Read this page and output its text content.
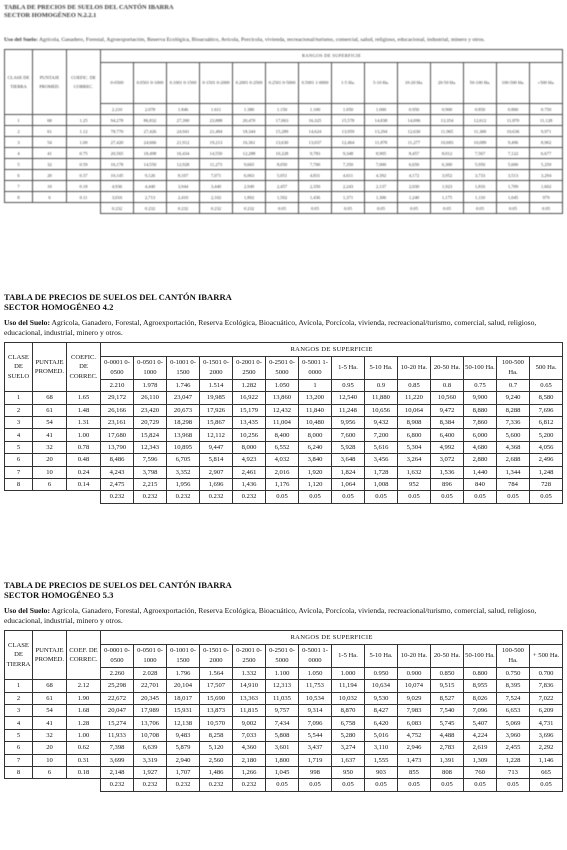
TABLA DE PRECIOS DE SUELOS DEL CANTÓN IBARRA
SECTOR HOMOGÉNEO N.2.2.1
Uso del Suelo: Agrícola, Ganadero, Forestal, Agroexportación, Reserva Ecológica, Bioacuático, Avícola, Porcícola, vivienda, recreacional/turismo, comercial, salud, religioso, educacional, industrial, minero y otros.
CLASE DE TIERRA	PUNTAJE PROMED.	COEFIC. DE CORREC.	RANGOS DE SUPERFICIE													
			0-0500	0.0501 0-1000	0.1001 0-1500	0-1501 0-2000	0.2001 0-2500	0.2501 0-5000	0.5001 1-0000	1-5 Ha.	5-10 Ha.	10-20 Ha.	20-50 Ha.	50-100 Ha.	100-500 Ha.	+500 Ha.
			2.210	2.078	1.846	1.611	1.380	1.150	1.100	1.050	1.000	0.950	0.900	0.850	0.800	0.750
1	68	1.25	94,278	86,832	27,390	23,888	20,470	17,063	16,325	15,578	14,838	14,096	13,354	12,612	11,870	11,128
2	61	1.12	78,770	27,426	24,941	21,484	18,344	15,289	14,624	13,959	13,294	12,630	11,965	11,300	10,636	9,971
3	54	1.00	27,420	24,666	21,912	19,213	16,361	13,630	13,037	12,464	11,878	11,277	10,683	10,089	9,496	8,902
4	41	0.75	20,565	18,498	16,434	14,550	12,288	10,228	9,783	9,348	8,905	8,457	8,012	7,567	7,122	6,677
5	32	0.59	16,178	14,550	12,928	11,273	9,665	8,050	7,700	7,350	7,000	6,650	6,300	5,950	5,600	5,250
6	20	0.37	10,145	9,126	8,107	7,071	6,063	5,051	4,831	4,611	4,392	4,172	3,952	3,733	3,513	3,294
7	10	0.18	4,936	4,440	3,944	3,440	2,949	2,457	2,350	2,243	2,137	2,030	1,923	1,816	1,709	1,602
8	6	0.11	3,016	2,713	2,410	2,102	1,802	1,502	1,436	1,371	1,306	1,240	1,175	1,110	1,045	979
			0.232	0.232	0.232	0.232	0.232	0.05	0.05	0.05	0.05	0.05	0.05	0.05	0.05	0.05
TABLA DE PRECIOS DE SUELOS DEL CANTÓN IBARRA
SECTOR HOMOGÉNEO 4.2
Uso del Suelo: Agrícola, Ganadero, Forestal, Agroexportación, Reserva Ecológica, Bioacuático, Avícola, Porcícola, vivienda, recreacional/turismo, comercial, salud, religioso, educacional, industrial, minero y otros.
CLASE DE SUELO	PUNTAJE PROMED.	COEFIC. DE CORREC.	RANGOS DE SUPERFICIE													
			0-0001 0-0500	0-0501 0-1000	0-1001 0-1500	0-1501 0-2000	0-2001 0-2500	0-2501 0-5000	0-5001 1-0000	1-5 Ha.	5-10 Ha.	10-20 Ha.	20-50 Ha.	50-100 Ha.	100-500 Ha.	500 Ha.
			2.210	1.978	1.746	1.514	1.282	1.050	1	0.95	0.9	0.85	0.8	0.75	0.7	0.65
1	68	1.65	29,172	26,110	23,047	19,985	16,922	13,860	13,200	12,540	11,880	11,220	10,560	9,900	9,240	8,580
2	61	1.48	26,166	23,420	20,673	17,926	15,179	12,432	11,840	11,248	10,656	10,064	9,472	8,880	8,288	7,696
3	54	1.31	23,161	20,729	18,298	15,867	13,435	11,004	10,480	9,956	9,432	8,908	8,384	7,860	7,336	6,812
4	41	1.00	17,680	15,824	13,968	12,112	10,256	8,400	8,000	7,600	7,200	6,800	6,400	6,000	5,600	5,200
5	32	0.78	13,790	12,343	10,895	9,447	8,000	6,552	6,240	5,928	5,616	5,304	4,992	4,680	4,368	4,056
6	20	0.48	8,486	7,596	6,705	5,814	4,923	4,032	3,840	3,648	3,456	3,264	3,072	2,880	2,688	2,496
7	10	0.24	4,243	3,798	3,352	2,907	2,461	2,016	1,920	1,824	1,728	1,632	1,536	1,440	1,344	1,248
8	6	0.14	2,475	2,215	1,956	1,696	1,436	1,176	1,120	1,064	1,008	952	896	840	784	728
			0.232	0.232	0.232	0.232	0.232	0.05	0.05	0.05	0.05	0.05	0.05	0.05	0.05	0.05
TABLA DE PRECIOS DE SUELOS DEL CANTÓN IBARRA
SECTOR HOMOGÉNEO 5.3
Uso del Suelo: Agrícola, Ganadero, Forestal, Agroexportación, Reserva Ecológica, Bioacuático, Avícola, Porcícola, vivienda, recreacional/turismo, comercial, salud, religioso, educacional, industrial, minero y otros.
CLASE DE TIERRA	PUNTAJE PROMED.	COEF. DE CORREC.	RANGOS DE SUPERFICIE													
			0-0001 0-0500	0-0501 0-1000	0-1001 0-1500	0-1501 0-2000	0-2001 0-2500	0-2501 0-5000	0-5001 1-0000	1-5 Ha.	5-10 Ha.	10-20 Ha.	20-50 Ha.	50-100 Ha.	100-500 Ha.	+ 500 Ha.
			2.260	2.028	1.796	1.564	1.332	1.100	1.050	1.000	0.950	0.900	0.850	0.800	0.750	0.700
1	68	2.12	25,298	22,701	20,104	17,507	14,910	12,313	11,753	11,194	10,634	10,074	9,515	8,955	8,395	7,836
2	61	1.90	22,672	20,345	18,017	15,690	13,363	11,035	10,534	10,032	9,530	9,029	8,527	8,026	7,524	7,022
3	54	1.68	20,047	17,989	15,931	13,873	11,815	9,757	9,314	8,870	8,427	7,983	7,540	7,096	6,653	6,209
4	41	1.28	15,274	13,706	12,138	10,570	9,002	7,434	7,096	6,758	6,420	6,083	5,745	5,407	5,069	4,731
5	32	1.00	11,933	10,708	9,483	8,258	7,033	5,808	5,544	5,280	5,016	4,752	4,488	4,224	3,960	3,696
6	20	0.62	7,398	6,639	5,879	5,120	4,360	3,601	3,437	3,274	3,110	2,946	2,783	2,619	2,455	2,292
7	10	0.31	3,699	3,319	2,940	2,560	2,180	1,800	1,719	1,637	1,555	1,473	1,391	1,309	1,228	1,146
8	6	0.18	2,148	1,927	1,707	1,486	1,266	1,045	998	950	903	855	808	760	713	665
			0.232	0.232	0.232	0.232	0.232	0.05	0.05	0.05	0.05	0.05	0.05	0.05	0.05	0.05
